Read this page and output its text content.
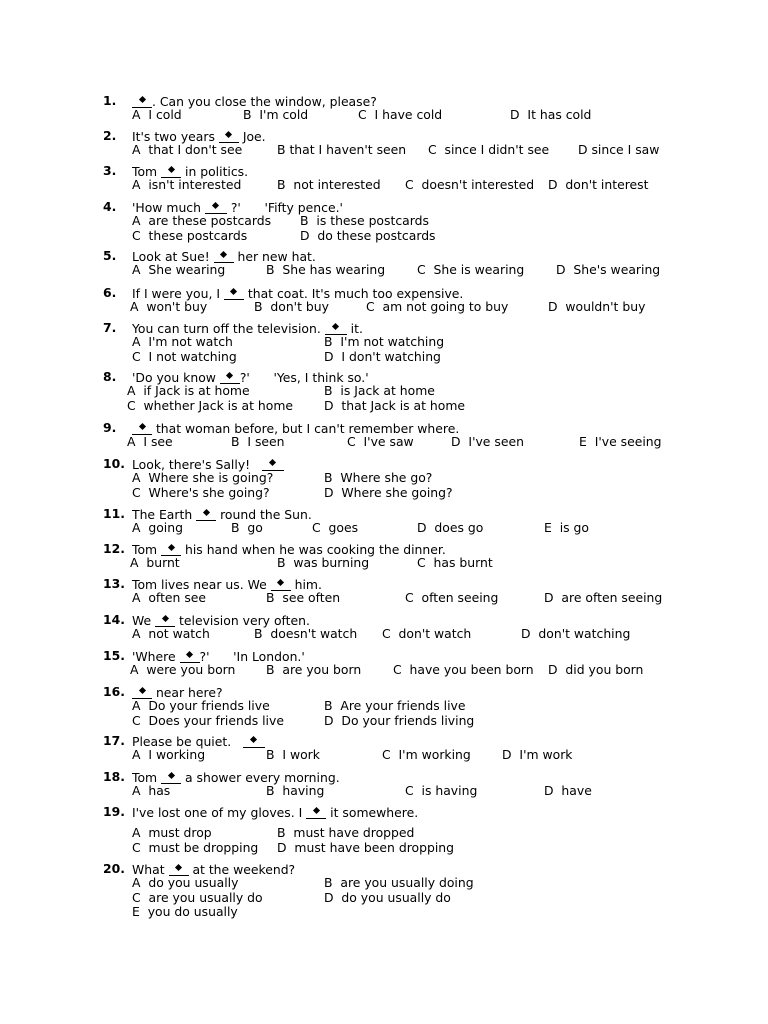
1.	. Can you close the window, please?
A  I cold	B  I'm cold	C  I have cold	D  It has cold
2. It's two years
Joe.
A  that I don't see	B that I haven't seen C  since I didn't see D since I saw
3. Tom
in politics.
A  isn't interested	B  not interested C  doesn't interested D  don't interest
4. 'How much
?'      'Fifty pence.'
A  are these postcards B  is these postcards
C  these postcards	D  do these postcards
5. Look at Sue!
her new hat.
A  She wearing	B  She has wearing	C  She is wearing	D  She's wearing
6. If I were you, I
that coat. It's much too expensive.
A  won't buy	B  don't buy	C  am not going to buy	D  wouldn't buy
7. You can turn off the television.
it.
A  I'm not watch	B  I'm not watching
C  I not watching	D  I don't watching
8. 'Do you know
?'      'Yes, I think so.'
A  if Jack is at home	B  is Jack at home
C  whether Jack is at home D  that Jack is at home
9.	that woman before, but I can't remember where.
A  I see	B  I seen	C  I've saw	D  I've seen	E  I've seeing
10. Look, there's Sally!
A  Where she is going?	B  Where she go?
C  Where's she going?	D  Where she going?
11. The Earth
round the Sun.
A  going	B  go	C  goes	D  does go	E  is go
12. Tom
his hand when he was cooking the dinner.
A  burnt	B  was burning	C  has burnt
13. Tom lives near us. We
him.
A  often see	B  see often	C  often seeing	D  are often seeing
14. We
television very often.
A  not watch	B  doesn't watch C  don't watch	D  don't watching
15. 'Where
?'      'In London.'
A  were you born B  are you born	C  have you been born D  did you born
16.	near here?
A  Do your friends live	B  Are your friends live
C  Does your friends live	D  Do your friends living
17. Please be quiet.
A  I working	B  I work	C  I'm working	D  I'm work
18. Tom
a shower every morning.
A  has	B  having	C  is having	D  have
19. I've lost one of my gloves. I
it somewhere.
A  must drop	B  must have dropped
C  must be dropping D  must have been dropping
20. What
at the weekend?
A  do you usually	B  are you usually doing
C  are you usually do	D  do you usually do
E  you do usually
